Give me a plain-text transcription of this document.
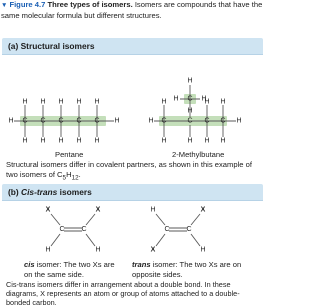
▼ Figure 4.7 Three types of isomers. Isomers are compounds that have the same molecular formula but different structures.
(a) Structural isomers
C
H
H
C
H
H
C
H
H
C
H
H
C
H
H
H	H	C	C C C
H	H
H
H
H
H
H
H
H
C
H
H	H
H
Pentane	2-Methylbutane
Structural isomers differ in covalent partners, as shown in this example of two isomers of $C_5H_{12}$.
(b) Cis-trans isomers
X	X
C C
H	H
H	X
C C
X	H
cis isomer: The two Xs are on the same side.
trans isomer: The two Xs are on opposite sides.
Cis-trans isomers differ in arrangement about a double bond. In these diagrams, X represents an atom or group of atoms attached to a double-bonded carbon.
